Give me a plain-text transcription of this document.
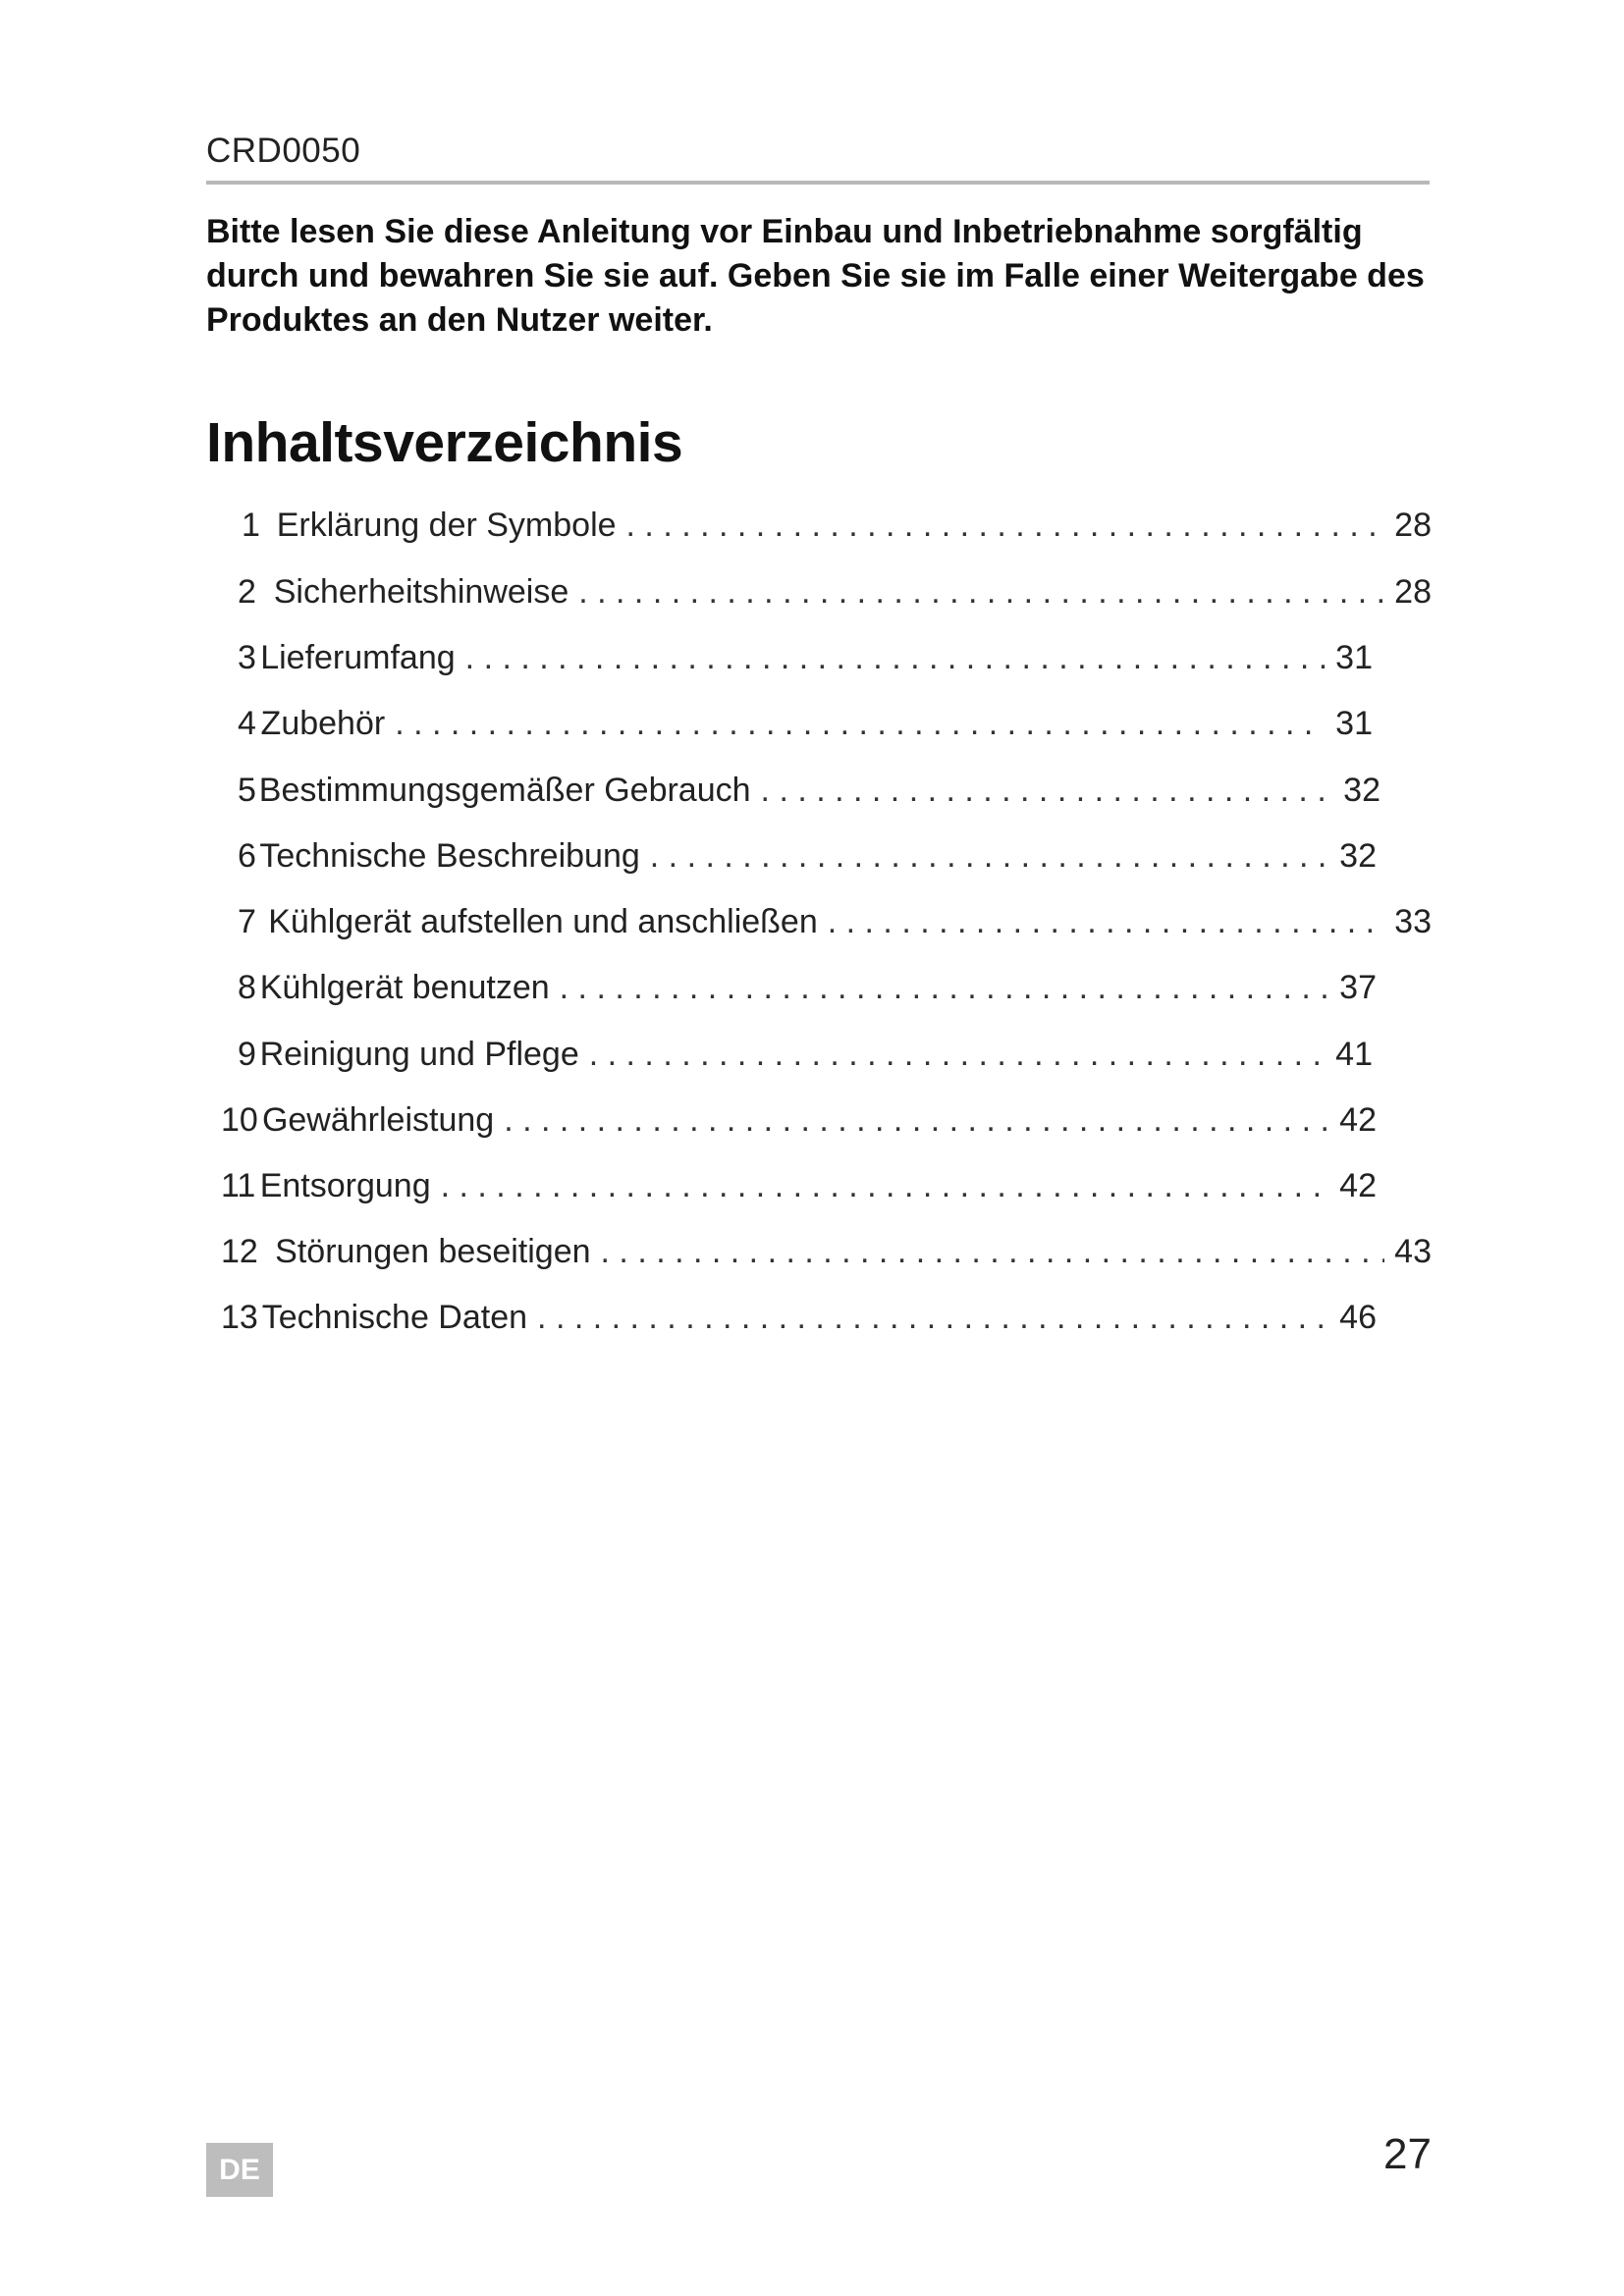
CRD0050
Bitte lesen Sie diese Anleitung vor Einbau und Inbetriebnahme sorgfältig durch und bewahren Sie sie auf. Geben Sie sie im Falle einer Weitergabe des Produktes an den Nutzer weiter.
Inhaltsverzeichnis
1 Erklärung der Symbole . . .	28
2 Sicherheitshinweise . . .	28
3 Lieferumfang . . .	31
4 Zubehör . . .	31
5 Bestimmungsgemäßer Gebrauch . . .	32
6 Technische Beschreibung . . .	32
7 Kühlgerät aufstellen und anschließen . . .	33
8 Kühlgerät benutzen . . .	37
9 Reinigung und Pflege . . .	41
10 Gewährleistung . . .	42
11 Entsorgung . . .	42
12 Störungen beseitigen . . .	43
13 Technische Daten . . .	46
DE	27
